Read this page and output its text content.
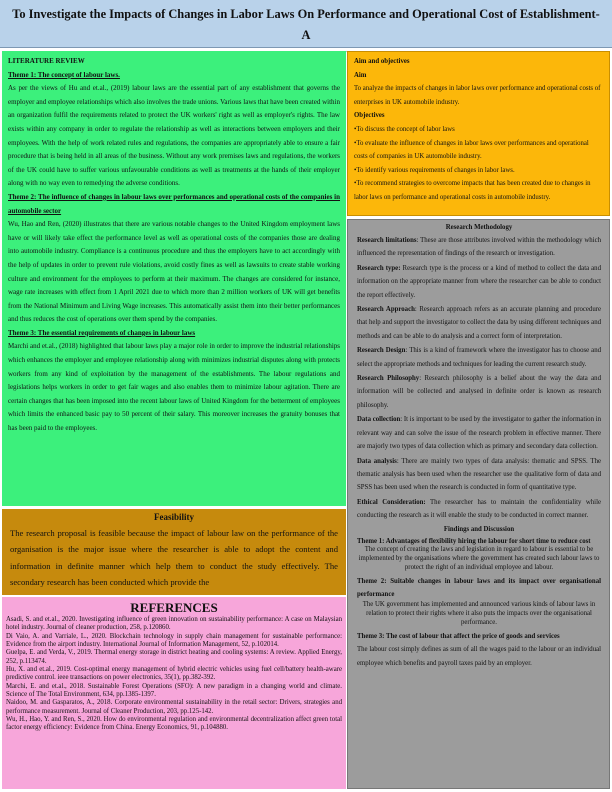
To Investigate the Impacts of Changes in Labor Laws On Performance and Operational Cost of Establishment- A
LITERATURE REVIEW
Theme 1: The concept of labour laws.

As per the views of Hu and et.al., (2019) labour laws are the essential part of any establishment that governs the employer and employee relationships which also involves the trade unions. Various laws that have been created within an organization fulfil the requirements related to protect the UK workers' right as well as employer's rights. The law exists within any company in order to regulate the relationship as well as interactions between employers and their employees. With the help of work related rules and regulations, the companies are appropriately able to ensure a fair procedure that is being held in all areas of the business. Without any work premises laws and regulations, the workers of the UK could have to suffer various unfavourable conditions as well as treatments at the hands of their employer along with no way even to remedying the adverse conditions.

Theme 2: The influence of changes in labour laws over performances and operational costs of the companies in automobile sector

Wu, Hao and Ren, (2020) illustrates that there are various notable changes to the United Kingdom employment laws have or will likely take effect the performance level as well as operational costs of the companies those are dealing into automobile industry. Compliance is a continuous procedure and thus the employers have to act accordingly with the help of updates in order to prevent rule violations, avoid costly fines as well as lawsuits to create stable working culture and environment for the employees to perform at their maximum. The changes are considered for instance, wage rate increases with effect from 1 April 2021 due to which more than 2 million workers of UK will get benefits from the National Minimum and Living Wage increases. This automatically assist them into their better performances and thus reduces the cost of operations over them spend by the companies.

Theme 3: The essential requirements of changes in labour laws

Marchi and et.al., (2018) highlighted that labour laws play a major role in order to improve the industrial relationships which enhances the employer and employee relationship along with minimizes industrial disputes along with protects workers from any kind of exploitation by the management of the establishments. The labour regulations and legislations helps workers in order to get fair wages and also enables them to minimize labour agitation. There are certain changes that has been imposed into the recent labour laws of United Kingdom for the betterment of employees which limits the enhanced basic pay to 50 percent of their salary. This moreover increases the gratuity bonuses that has been paid to the employees.

Feasibility
The research proposal is feasible because the impact of labour law on the performance of the organisation is the major issue where the researcher is able to adopt the content and information in definite manner which help them to conduct the study effectively. The secondary research has been conducted which provide the
REFERENCES
Asadi, S. and et.al., 2020. Investigating influence of green innovation on sustainability performance: A case on Malaysian hotel industry. Journal of cleaner production, 258, p.120860.
Di Vaio, A. and Varriale, L., 2020. Blockchain technology in supply chain management for sustainable performance: Evidence from the airport industry. International Journal of Information Management, 52, p.102014.
Guelpa, E. and Verda, V., 2019. Thermal energy storage in district heating and cooling systems: A review. Applied Energy, 252, p.113474.
Hu, X. and et.al., 2019. Cost-optimal energy management of hybrid electric vehicles using fuel cell/battery health-aware predictive control. ieee transactions on power electronics, 35(1), pp.382-392.
Marchi, E. and et.al., 2018. Sustainable Forest Operations (SFO): A new paradigm in a changing world and climate. Science of The Total Environment, 634, pp.1385-1397.
Naidoo, M. and Gasparatos, A., 2018. Corporate environmental sustainability in the retail sector: Drivers, strategies and performance measurement. Journal of Cleaner Production, 203, pp.125-142.
Wu, H., Hao, Y. and Ren, S., 2020. How do environmental regulation and environmental decentralization affect green total factor energy efficiency: Evidence from China. Energy Economics, 91, p.104880.
Aim and objectives
Aim

To analyze the impacts of changes in labor laws over performance and operational costs of enterprises in UK automobile industry.

Objectives

•To discuss the concept of labor laws

•To evaluate the influence of changes in labor laws over performances and operational costs of companies in UK automobile industry.

•To identify various requirements of changes in labor laws.

•To recommend strategies to overcome impacts that has been created due to changes in labor laws on performance and operational costs in automobile industry.

Research Methodology

Research limitations: These are those attributes involved within the methodology which influenced the representation of findings of the research or investigation.

Research type: Research type is the process or a kind of method to collect the data and information on the appropriate manner from where the researcher can be able to conduct the report effectively.

Research Approach: Research approach refers as an accurate planning and procedure that help and support the investigator to collect the data by using different techniques and methods and can be able to do analysis and a correct form of interpretation.

Research Design: This is a kind of framework where the investigator has to choose and select the appropriate methods and techniques for leading the current research study.

Research Philosophy: Research philosophy is a belief about the way the data and information will be collected and analysed in definite order is known as research philosophy.

Data collection: It is important to be used by the investigator to gather the information in relevant way and can solve the issue of the research problem in effective manner. There are majorly two types of data collection which as primary and secondary data collection.

Data analysis: There are mainly two types of data analysis: thematic and SPSS. The thematic analysis has been used when the researcher use the qualitative form of data and SPSS has been used when the research is conducted in form of quantitative type.

Ethical Consideration: The researcher has to maintain the confidentiality while conducting the research as it will enable the study to be conducted in correct manner.

Findings and Discussion
Theme 1: Advantages of flexibility hiring the labour for short time to reduce cost
The concept of creating the laws and legislation in regard to labour is essential to be implemented by the organisations where the government has created such labour laws to protect the right of an individual employee and labour.
Theme 2: Suitable changes in labour laws and its impact over organisational performance
The UK government has implemented and announced various kinds of labour laws in relation to protect their rights where it also puts the impacts over the organisational performance.
Theme 3: The cost of labour that affect the price of goods and services
The labour cost simply defines as sum of all the wages paid to the labour or an individual employee which benefits and payroll taxes paid by an employer.
